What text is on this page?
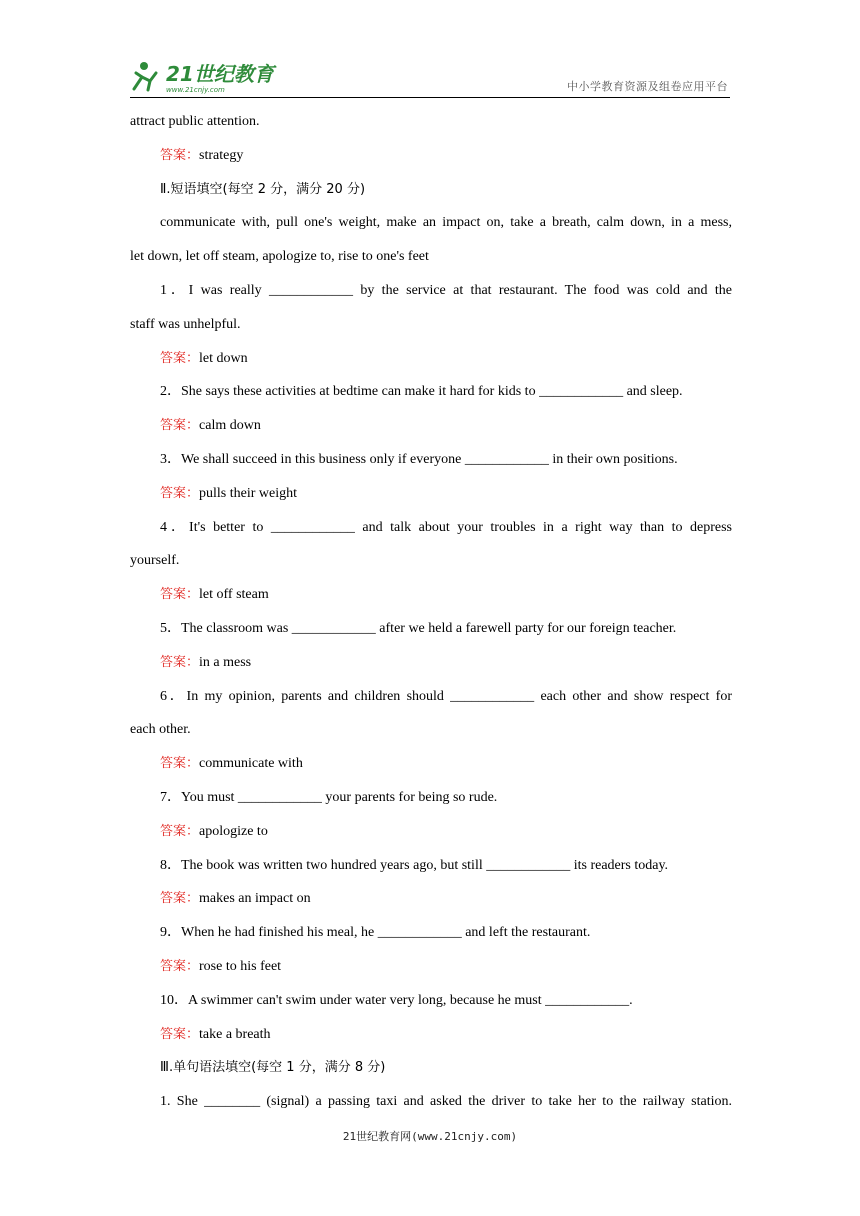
21世纪教育
www.21cnjy.com	中小学教育资源及组卷应用平台
attract public attention.
答案：strategy
Ⅱ.短语填空(每空 2 分，满分 20 分)
communicate with, pull one's weight, make an impact on, take a breath, calm down, in a mess,
let down, let off steam, apologize to, rise to one's feet
1．I was really ____________ by the service at that restaurant. The food was cold and the
staff was unhelpful.
答案：let down
2．She says these activities at bedtime can make it hard for kids to ____________ and sleep.
答案：calm down
3．We shall succeed in this business only if everyone ____________ in their own positions.
答案：pulls their weight
4．It's better to ____________ and talk about your troubles in a right way than to depress
yourself.
答案：let off steam
5．The classroom was ____________ after we held a farewell party for our foreign teacher.
答案：in a mess
6．In my opinion, parents and children should ____________ each other and show respect for
each other.
答案：communicate with
7．You must ____________ your parents for being so rude.
答案：apologize to
8．The book was written two hundred years ago, but still ____________ its readers today.
答案：makes an impact on
9．When he had finished his meal, he ____________ and left the restaurant.
答案：rose to his feet
10．A swimmer can't swim under water very long, because he must ____________.
答案：take a breath
Ⅲ.单句语法填空(每空 1 分，满分 8 分)
1. She ________ (signal) a passing taxi and asked the driver to take her to the railway station.
21世纪教育网(www.21cnjy.com)
